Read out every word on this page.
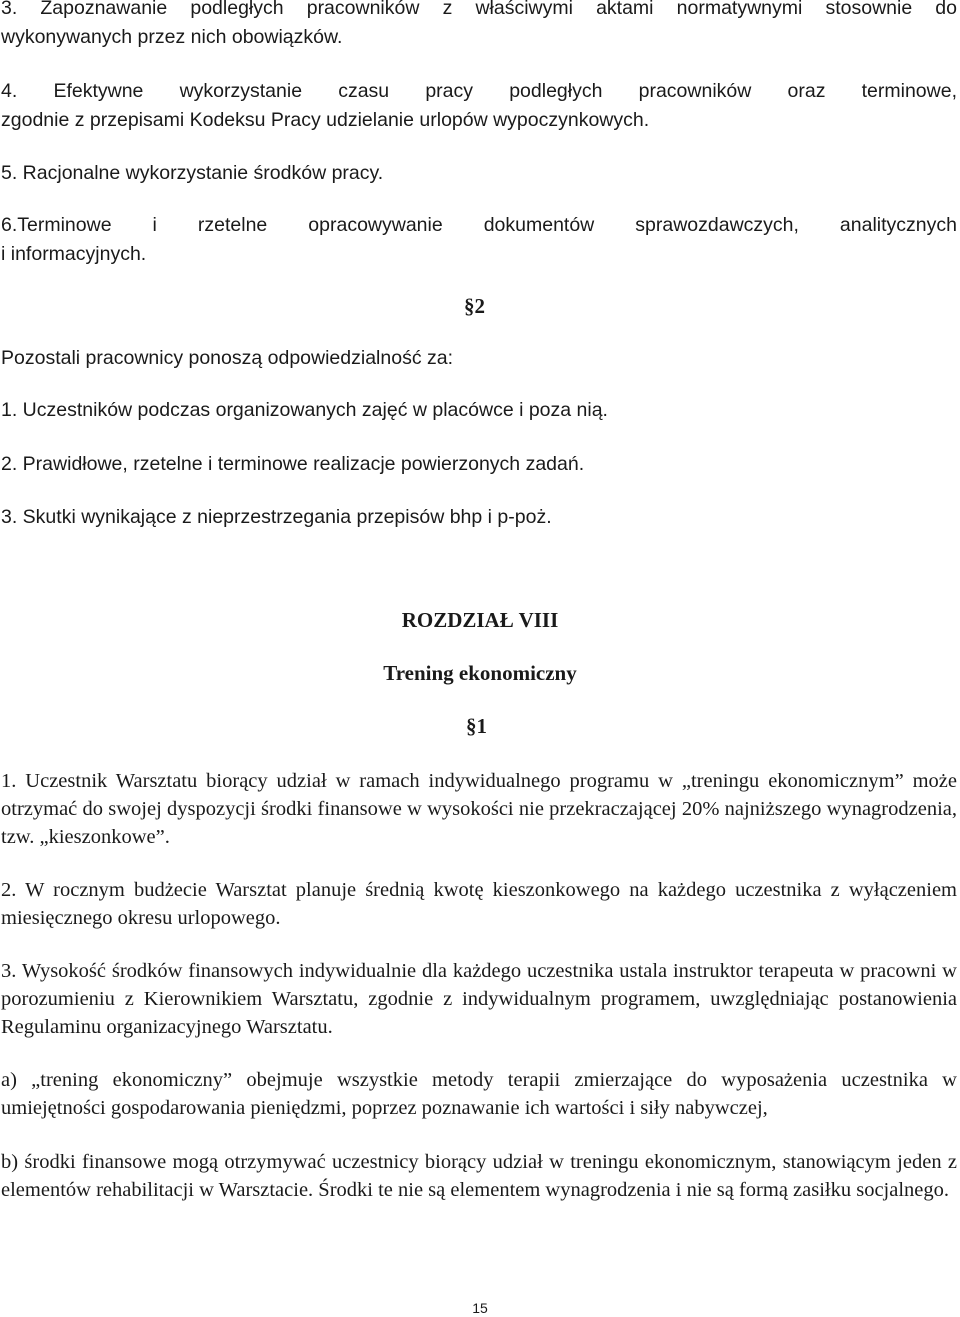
3. Zapoznawanie podległych pracowników z właściwymi aktami normatywnymi stosownie do
wykonywanych przez nich obowiązków.

4. Efektywne wykorzystanie czasu pracy podległych pracowników oraz terminowe,
zgodnie z przepisami Kodeksu Pracy udzielanie urlopów wypoczynkowych.

5. Racjonalne wykorzystanie środków pracy.

6.Terminowe i rzetelne opracowywanie dokumentów sprawozdawczych, analitycznych
i informacyjnych.

§2

Pozostali pracownicy ponoszą odpowiedzialność za:

1. Uczestników podczas organizowanych zajęć w placówce i poza nią.

2. Prawidłowe, rzetelne i terminowe realizacje powierzonych zadań.

3. Skutki wynikające z nieprzestrzegania przepisów bhp i p-poż.

ROZDZIAŁ VIII
Trening ekonomiczny
§1

1. Uczestnik Warsztatu biorący udział w ramach indywidualnego programu w „treningu ekonomicznym” może otrzymać do swojej dyspozycji środki finansowe w wysokości nie przekraczającej 20% najniższego wynagrodzenia, tzw. „kieszonkowe”.

2. W rocznym budżecie Warsztat planuje średnią kwotę kieszonkowego na każdego uczestnika z wyłączeniem miesięcznego okresu urlopowego.

3. Wysokość środków finansowych indywidualnie dla każdego uczestnika ustala instruktor terapeuta w pracowni w porozumieniu z Kierownikiem Warsztatu, zgodnie z indywidualnym programem, uwzględniając postanowienia Regulaminu organizacyjnego Warsztatu.

a) „trening ekonomiczny” obejmuje wszystkie metody terapii zmierzające do wyposażenia uczestnika w umiejętności gospodarowania pieniędzmi, poprzez poznawanie ich wartości i siły nabywczej,

b) środki finansowe mogą otrzymywać uczestnicy biorący udział w treningu ekonomicznym, stanowiącym jeden z elementów rehabilitacji w Warsztacie. Środki te nie są elementem wynagrodzenia i nie są formą zasiłku socjalnego.

15
